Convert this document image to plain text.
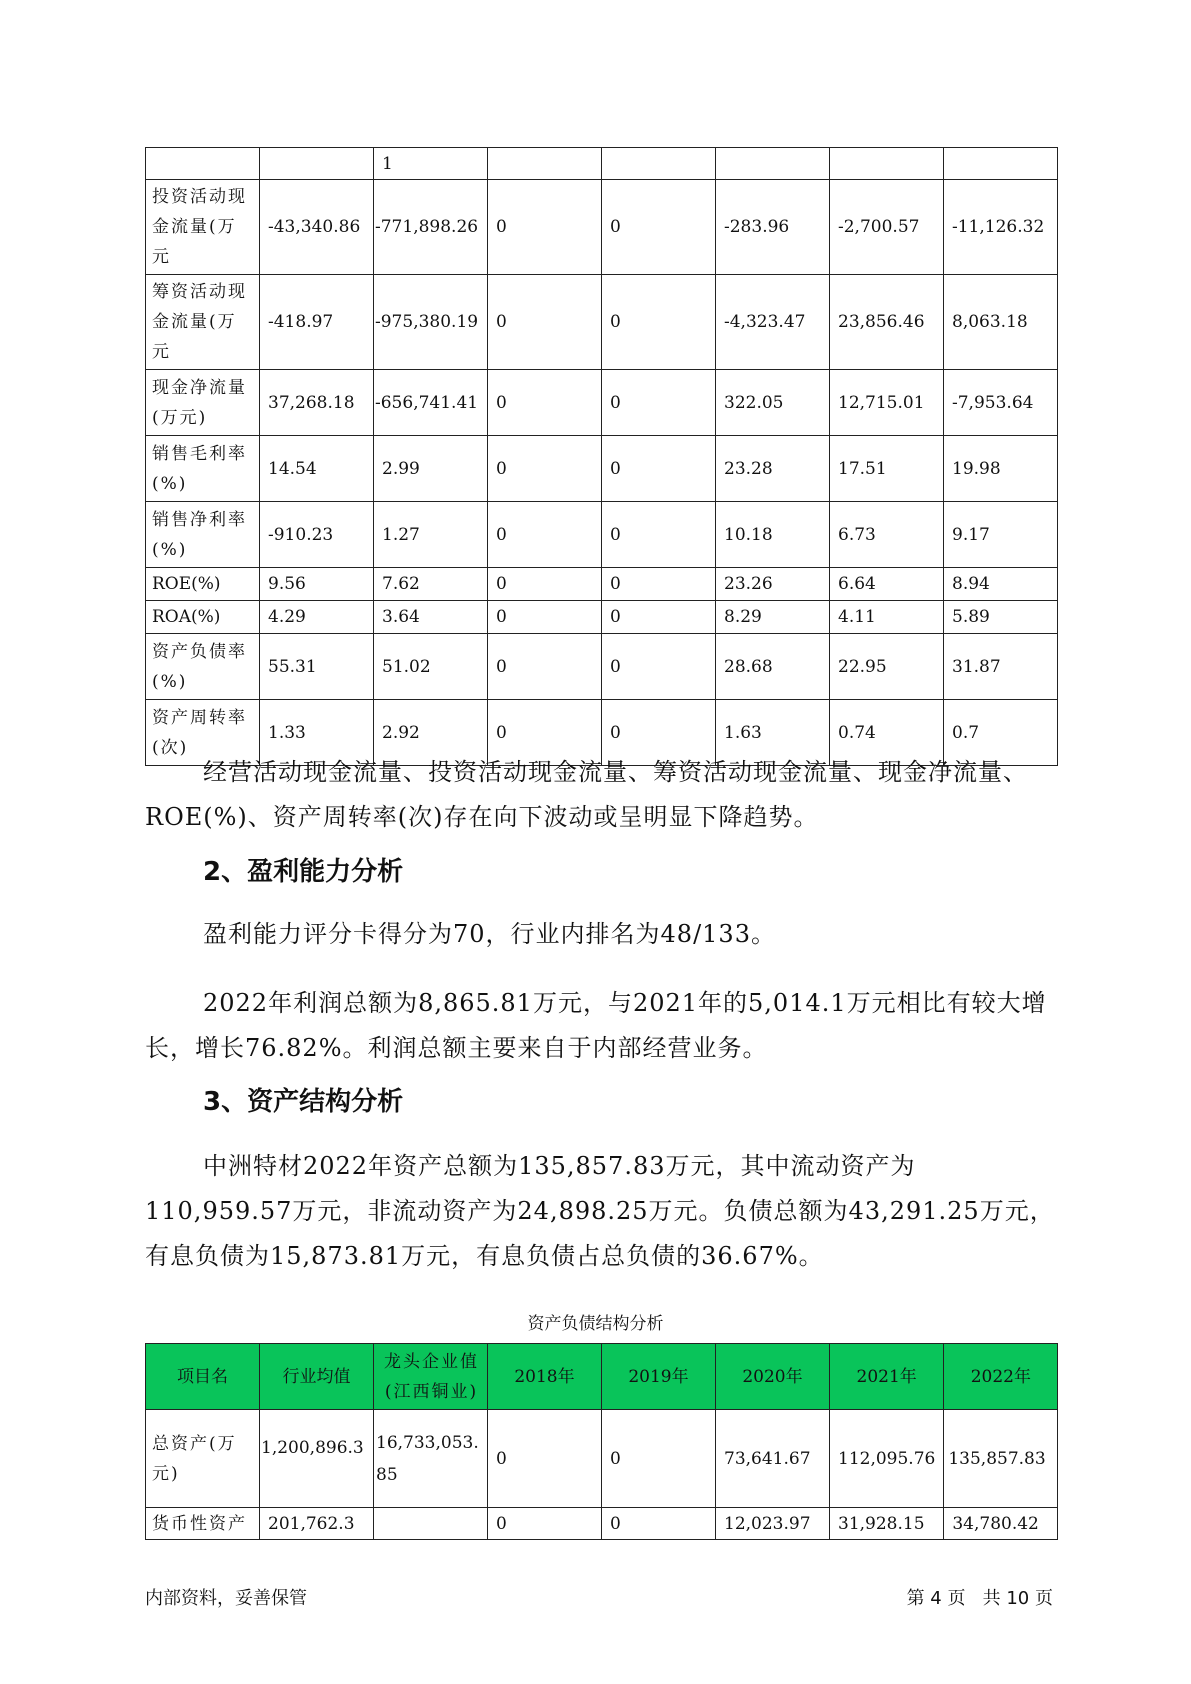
		1					
投资活动现金流量(万元	-43,340.86	-771,898.26	0	0	-283.96	-2,700.57	-11,126.32
筹资活动现金流量(万元	-418.97	-975,380.19	0	0	-4,323.47	23,856.46	8,063.18
现金净流量(万元)	37,268.18	-656,741.41	0	0	322.05	12,715.01	-7,953.64
销售毛利率(%)	14.54	2.99	0	0	23.28	17.51	19.98
销售净利率(%)	-910.23	1.27	0	0	10.18	6.73	9.17
ROE(%)	9.56	7.62	0	0	23.26	6.64	8.94
ROA(%)	4.29	3.64	0	0	8.29	4.11	5.89
资产负债率(%)	55.31	51.02	0	0	28.68	22.95	31.87
资产周转率(次)	1.33	2.92	0	0	1.63	0.74	0.7

经营活动现金流量、投资活动现金流量、筹资活动现金流量、现金净流量、ROE(%)、资产周转率(次)存在向下波动或呈明显下降趋势。

2、盈利能力分析

盈利能力评分卡得分为70，行业内排名为48/133。

2022年利润总额为8,865.81万元，与2021年的5,014.1万元相比有较大增长，增长76.82%。利润总额主要来自于内部经营业务。

3、资产结构分析

中洲特材2022年资产总额为135,857.83万元，其中流动资产为110,959.57万元，非流动资产为24,898.25万元。负债总额为43,291.25万元，有息负债为15,873.81万元，有息负债占总负债的36.67%。

资产负债结构分析
项目名	行业均值	龙头企业值(江西铜业)	2018年	2019年	2020年	2021年	2022年
总资产(万元)	1,200,896.3	16,733,053.85	0	0	73,641.67	112,095.76	135,857.83
货币性资产	201,762.3		0	0	12,023.97	31,928.15	34,780.42
内部资料，妥善保管	第 4 页   共 10 页
